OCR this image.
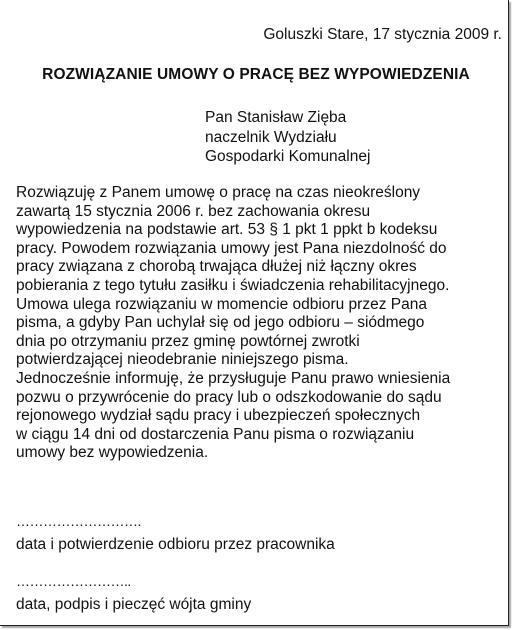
Goluszki Stare, 17 stycznia 2009 r.
ROZWIĄZANIE UMOWY O PRACĘ BEZ WYPOWIEDZENIA
Pan Stanisław Zięba
naczelnik Wydziału
Gospodarki Komunalnej
Rozwiązuję z Panem umowę o pracę na czas nieokreślony
zawartą 15 stycznia 2006 r. bez zachowania okresu
wypowiedzenia na podstawie art. 53 § 1 pkt 1 ppkt b kodeksu
pracy. Powodem rozwiązania umowy jest Pana niezdolność do
pracy związana z chorobą trwająca dłużej niż łączny okres
pobierania z tego tytułu zasiłku i świadczenia rehabilitacyjnego.
Umowa ulega rozwiązaniu w momencie odbioru przez Pana
pisma, a gdyby Pan uchylał się od jego odbioru – siódmego
dnia po otrzymaniu przez gminę powtórnej zwrotki
potwierdzającej nieodebranie niniejszego pisma.
Jednocześnie informuję, że przysługuje Panu prawo wniesienia
pozwu o przywrócenie do pracy lub o odszkodowanie do sądu
rejonowego wydział sądu pracy i ubezpieczeń społecznych
w ciągu 14 dni od dostarczenia Panu pisma o rozwiązaniu
umowy bez wypowiedzenia.
……………………….
data i potwierdzenie odbioru przez pracownika
……………………..
data, podpis i pieczęć wójta gminy
